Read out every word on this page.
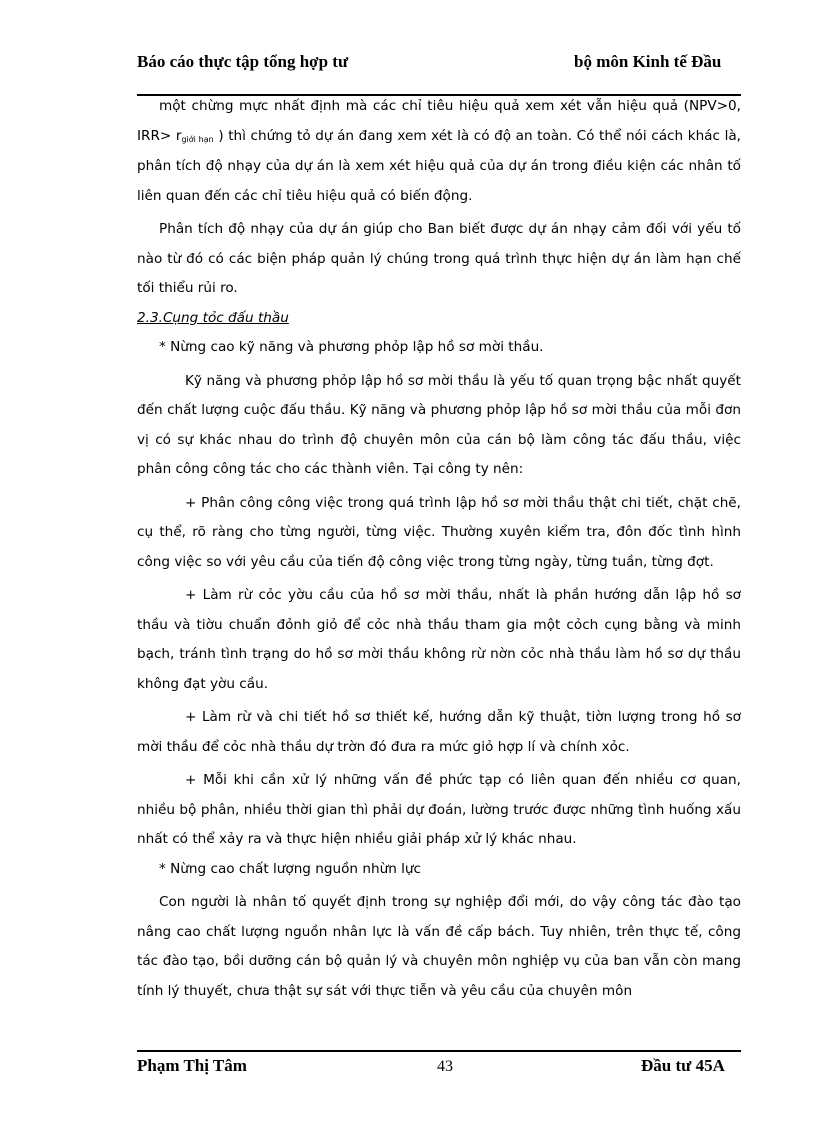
Báo cáo thực tập tổng hợp tư	bộ môn Kinh tế Đầu

một chừng mực nhất định mà các chỉ tiêu hiệu quả xem xét vẫn hiệu quả (NPV>0, IRR> rgiới hạn ) thì chứng tỏ dự án đang xem xét là có độ an toàn. Có thể nói cách khác là, phân tích độ nhạy của dự án là xem xét hiệu quả của dự án trong điều kiện các nhân tố liên quan đến các chỉ tiêu hiệu quả có biến động.

Phân tích độ nhạy của dự án giúp cho Ban biết được dự án nhạy cảm đối với yếu tố nào từ đó có các biện pháp quản lý chúng trong quá trình thực hiện dự án làm hạn chế tối thiểu rủi ro.

2.3.Cụng tỏc đấu thầu

* Nừng cao kỹ năng và phương phỏp lập hồ sơ mời thầu.

Kỹ năng và phương phỏp lập hồ sơ mời thầu là yếu tố quan trọng bậc nhất quyết đến chất lượng cuộc đấu thầu. Kỹ năng và phương phỏp lập hồ sơ mời thầu của mỗi đơn vị có sự khác nhau do trình độ chuyên môn của cán bộ làm công tác đấu thầu, việc phân công công tác cho các thành viên. Tại công ty nên:

+ Phân công công việc trong quá trình lập hồ sơ mời thầu thật chi tiết, chặt chẽ, cụ thể, rõ ràng cho từng người, từng việc. Thường xuyên kiểm tra, đôn đốc tình hình công việc so với yêu cầu của tiến độ công việc trong từng ngày, từng tuần, từng đợt.

+ Làm rừ cỏc yờu cầu của hồ sơ mời thầu, nhất là phần hướng dẫn lập hồ sơ thầu và tiờu chuẩn đỏnh giỏ để cỏc nhà thầu tham gia một cỏch cụng bằng và minh bạch, tránh tình trạng do hồ sơ mời thầu không rừ nờn cỏc nhà thầu làm hồ sơ dự thầu không đạt yờu cầu.

+ Làm rừ và chi tiết hồ sơ thiết kế, hướng dẫn kỹ thuật, tiờn lượng trong hồ sơ mời thầu để cỏc nhà thầu dự trờn đó đưa ra mức giỏ hợp lí và chính xỏc.

+ Mỗi khi cần xử lý những vấn đề phức tạp có liên quan đến nhiều cơ quan, nhiều bộ phân, nhiều thời gian thì phải dự đoán, lường trước được những tình huống xấu nhất có thể xảy ra và thực hiện nhiều giải pháp xử lý khác nhau.

* Nừng cao chất lượng nguồn nhừn lực

Con người là nhân tố quyết định trong sự nghiệp đổi mới, do vậy công tác đào tạo nâng cao chất lượng nguồn nhân lực là vấn đề cấp bách. Tuy nhiên, trên thực tế, công tác đào tạo, bồi dưỡng cán bộ quản lý và chuyên môn nghiệp vụ của ban vẫn còn mang tính lý thuyết, chưa thật sự sát với thực tiễn và yêu cầu của chuyên môn

Phạm Thị Tâm	43	Đầu tư 45A
